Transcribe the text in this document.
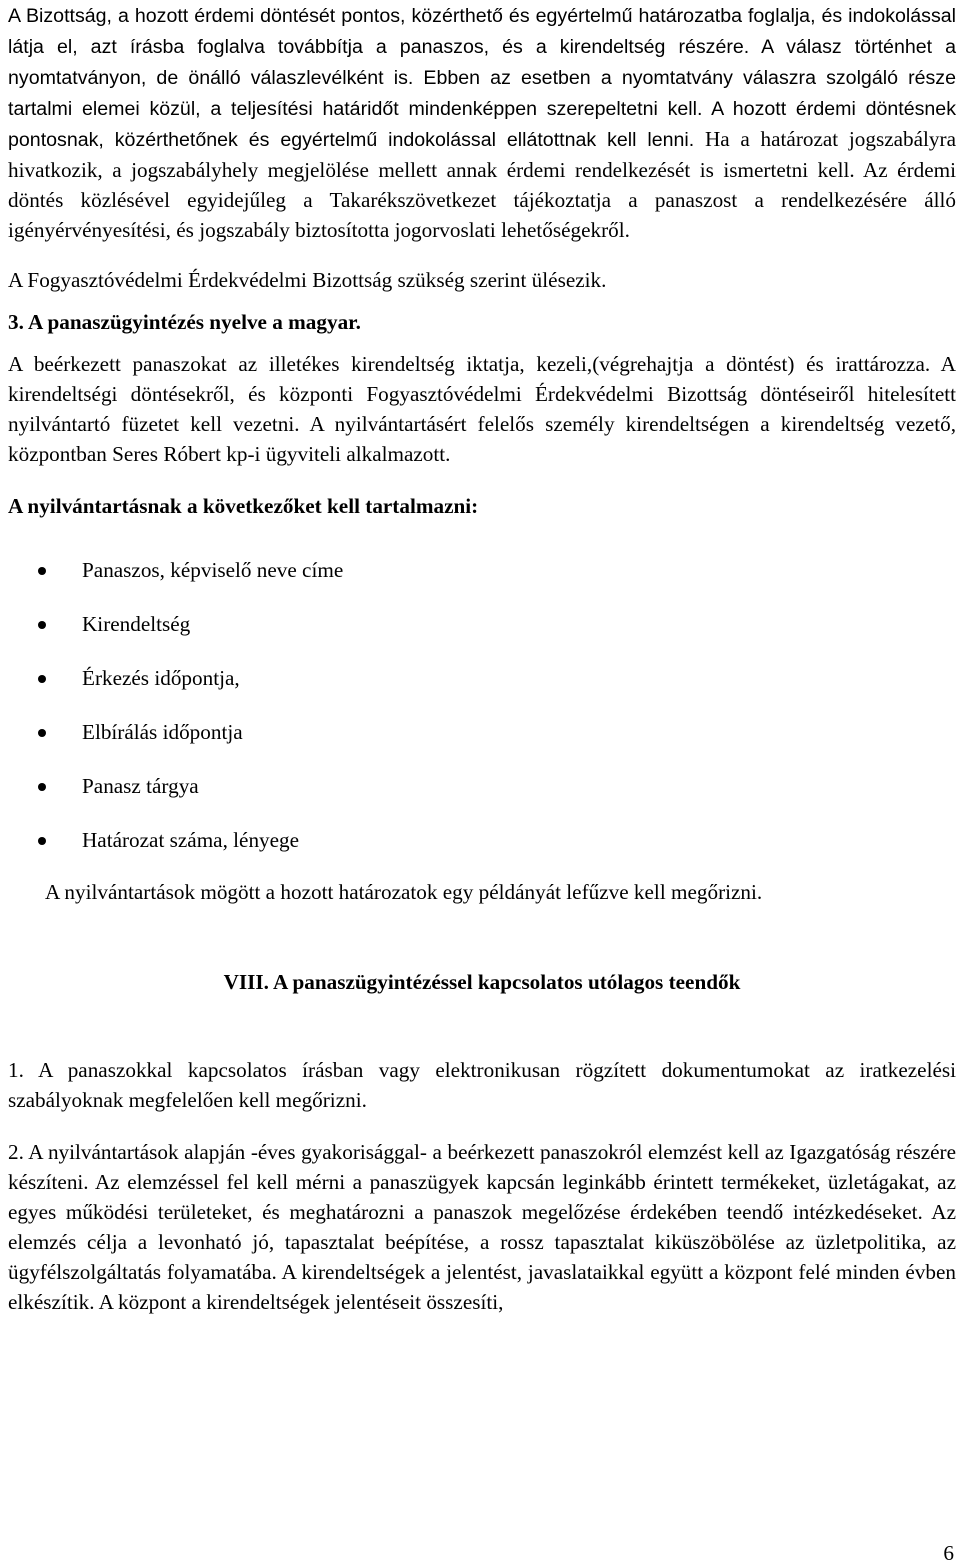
A Bizottság, a hozott érdemi döntését pontos, közérthető és egyértelmű határozatba foglalja, és indokolással látja el, azt írásba foglalva továbbítja a panaszos, és a kirendeltség részére. A válasz történhet a nyomtatványon, de önálló válaszlevélként is. Ebben az esetben a nyomtatvány válaszra szolgáló része tartalmi elemei közül, a teljesítési határidőt mindenképpen szerepeltetni kell. A hozott érdemi döntésnek pontosnak, közérthetőnek és egyértelmű indokolással ellátottnak kell lenni. Ha a határozat jogszabályra hivatkozik, a jogszabályhely megjelölése mellett annak érdemi rendelkezését is ismertetni kell. Az érdemi döntés közlésével egyidejűleg a Takarékszövetkezet tájékoztatja a panaszost a rendelkezésére álló igényérvényesítési, és jogszabály biztosította jogorvoslati lehetőségekről.

A Fogyasztóvédelmi Érdekvédelmi Bizottság szükség szerint ülésezik.

3. A panaszügyintézés nyelve a magyar.

A beérkezett panaszokat az illetékes kirendeltség iktatja, kezeli,(végrehajtja a döntést) és irattározza. A kirendeltségi döntésekről, és központi Fogyasztóvédelmi Érdekvédelmi Bizottság döntéseiről hitelesített nyilvántartó füzetet kell vezetni. A nyilvántartásért felelős személy kirendeltségen a kirendeltség vezető, központban Seres Róbert kp-i ügyviteli alkalmazott.

A nyilvántartásnak a következőket kell tartalmazni:

Panaszos, képviselő neve címe
Kirendeltség
Érkezés időpontja,
Elbírálás időpontja
Panasz tárgya
Határozat száma, lényege

A nyilvántartások mögött a hozott határozatok egy példányát lefűzve kell megőrizni.

VIII. A panaszügyintézéssel kapcsolatos utólagos teendők

1. A panaszokkal kapcsolatos írásban vagy elektronikusan rögzített dokumentumokat az iratkezelési szabályoknak megfelelően kell megőrizni.

2. A nyilvántartások alapján -éves gyakorisággal- a beérkezett panaszokról elemzést kell az Igazgatóság részére készíteni. Az elemzéssel fel kell mérni a panaszügyek kapcsán leginkább érintett termékeket, üzletágakat, az egyes működési területeket, és meghatározni a panaszok megelőzése érdekében teendő intézkedéseket. Az elemzés célja a levonható jó, tapasztalat beépítése, a rossz tapasztalat kiküszöbölése az üzletpolitika, az ügyfélszolgáltatás folyamatába. A kirendeltségek a jelentést, javaslataikkal együtt a központ felé minden évben elkészítik. A központ a kirendeltségek jelentéseit összesíti,

6
